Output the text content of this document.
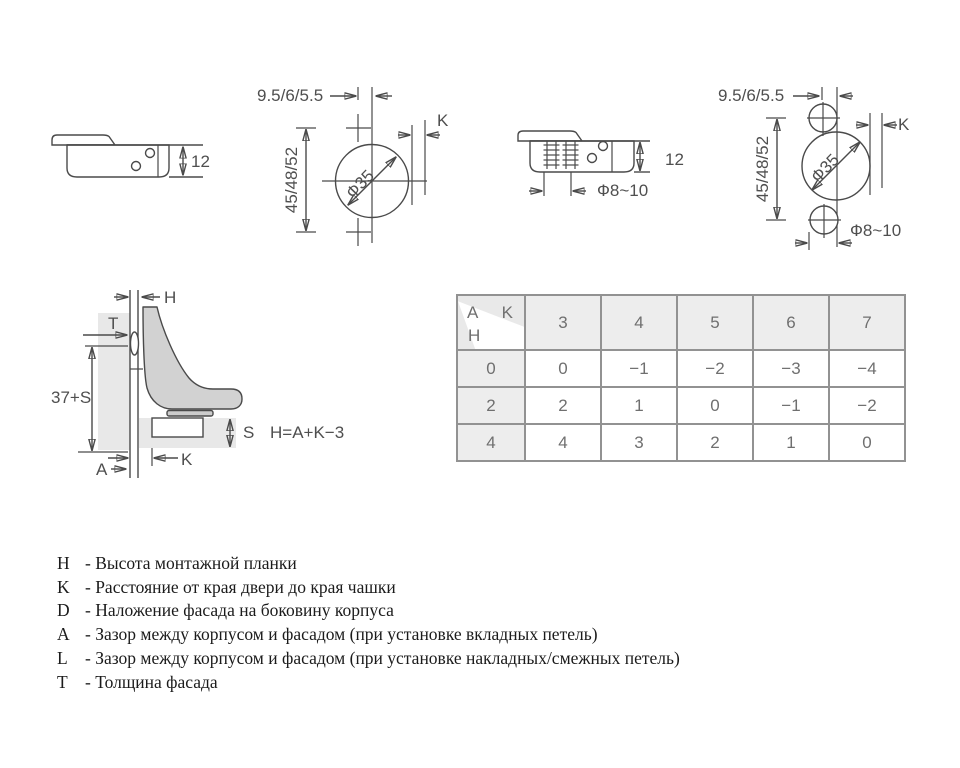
12
9.5/6/5.5
45/48/52 Ф35
K
12
Ф8~10
9.5/6/5.5
45/48/52 Ф35
K
Ф8~10
H
T
37+S
S H=A+K−3
K
A
A K
H	3	4	5	6	7
0	0	−1	−2	−3	−4
2	2	1	0	−1	−2
4	4	3	2	1	0
H - Высота монтажной планки
K - Расстояние от края двери до края чашки
D - Наложение фасада на боковину корпуса
A - Зазор между корпусом и фасадом (при установке вкладных петель)
L - Зазор между корпусом и фасадом (при установке накладных/смежных петель)
T - Толщина фасада
